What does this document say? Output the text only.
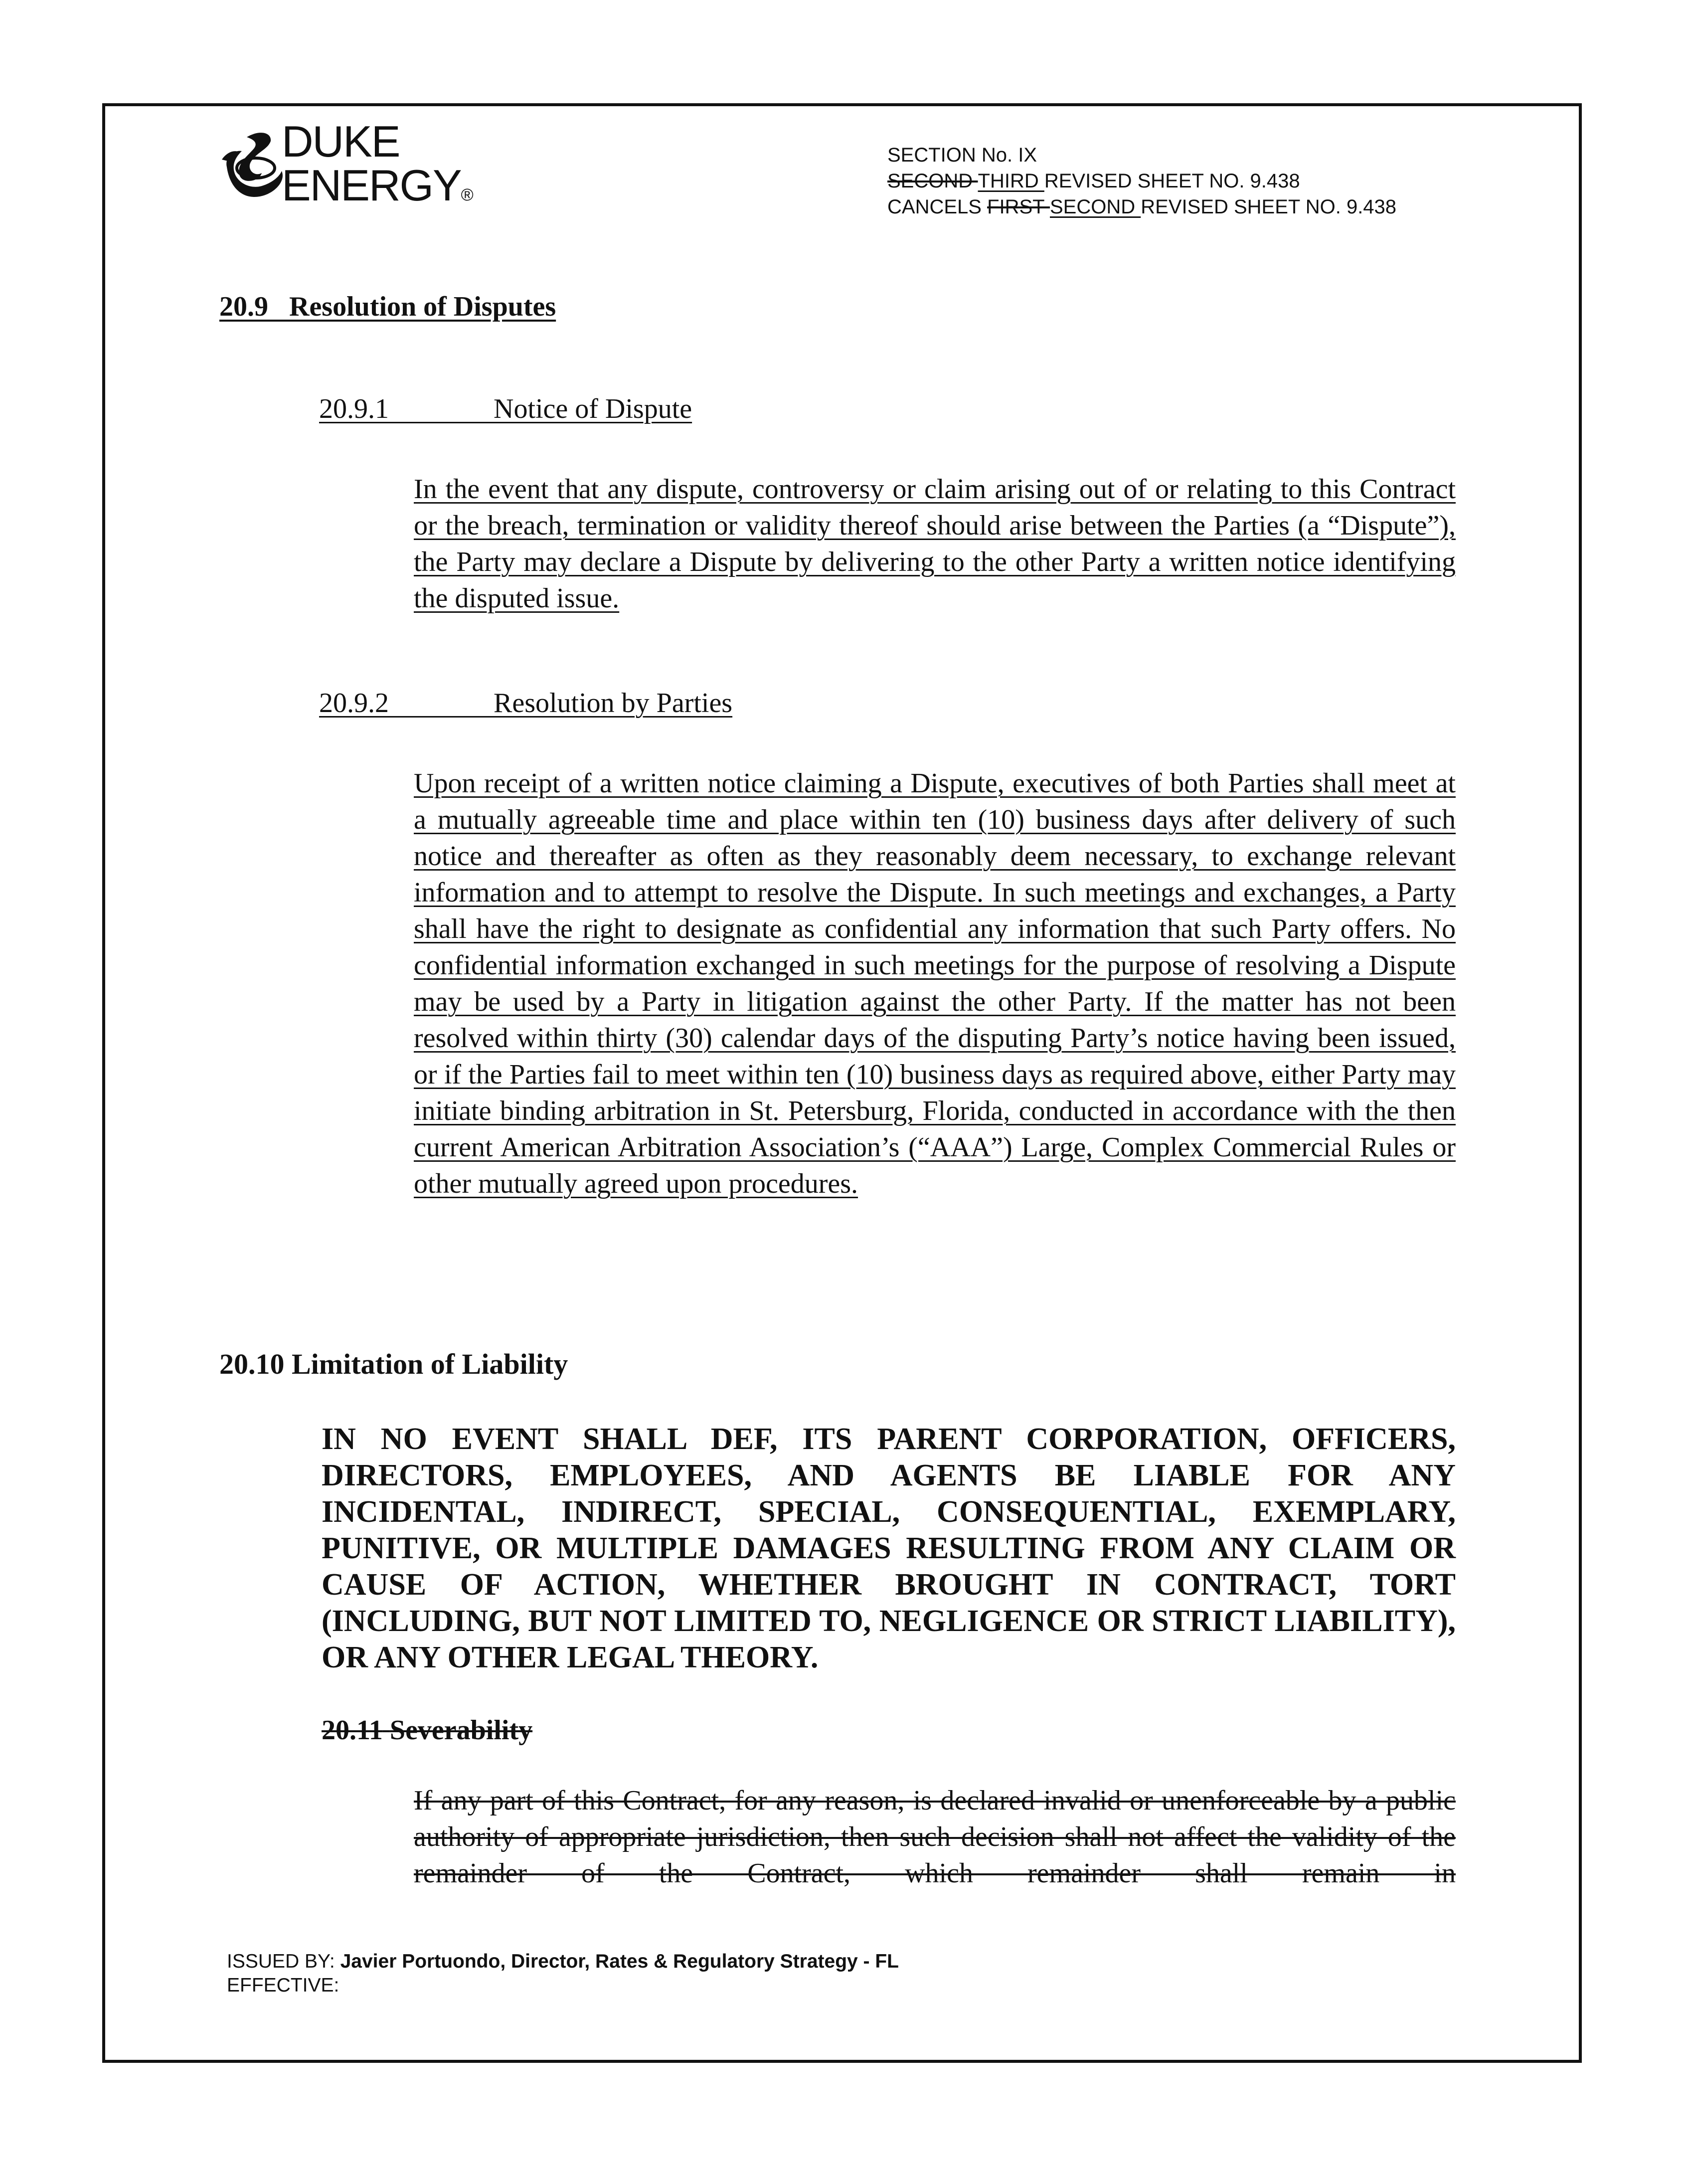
DUKE
ENERGY®
SECTION No. IX
SECOND THIRD REVISED SHEET NO. 9.438
CANCELS FIRST SECOND REVISED SHEET NO. 9.438
20.9 Resolution of Disputes
20.9.1	Notice of Dispute
In the event that any dispute, controversy or claim arising out of or relating to this Contract or the breach, termination or validity thereof should arise between the Parties (a “Dispute”), the Party may declare a Dispute by delivering to the other Party a written notice identifying the disputed issue.
20.9.2	Resolution by Parties
Upon receipt of a written notice claiming a Dispute, executives of both Parties shall meet at a mutually agreeable time and place within ten (10) business days after delivery of such notice and thereafter as often as they reasonably deem necessary, to exchange relevant information and to attempt to resolve the Dispute. In such meetings and exchanges, a Party shall have the right to designate as confidential any information that such Party offers. No confidential information exchanged in such meetings for the purpose of resolving a Dispute may be used by a Party in litigation against the other Party. If the matter has not been resolved within thirty (30) calendar days of the disputing Party’s notice having been issued, or if the Parties fail to meet within ten (10) business days as required above, either Party may initiate binding arbitration in St. Petersburg, Florida, conducted in accordance with the then current American Arbitration Association’s (“AAA”) Large, Complex Commercial Rules or other mutually agreed upon procedures.
20.10 Limitation of Liability
IN NO EVENT SHALL DEF, ITS PARENT CORPORATION, OFFICERS, DIRECTORS, EMPLOYEES, AND AGENTS BE LIABLE FOR ANY INCIDENTAL, INDIRECT, SPECIAL, CONSEQUENTIAL, EXEMPLARY, PUNITIVE, OR MULTIPLE DAMAGES RESULTING FROM ANY CLAIM OR CAUSE OF ACTION, WHETHER BROUGHT IN CONTRACT, TORT (INCLUDING, BUT NOT LIMITED TO, NEGLIGENCE OR STRICT LIABILITY), OR ANY OTHER LEGAL THEORY.
20.11 Severability
If any part of this Contract, for any reason, is declared invalid or unenforceable by a public authority of appropriate jurisdiction, then such decision shall not affect the validity of the remainder of the Contract, which remainder shall remain in
ISSUED BY: Javier Portuondo, Director, Rates & Regulatory Strategy - FL
EFFECTIVE:
